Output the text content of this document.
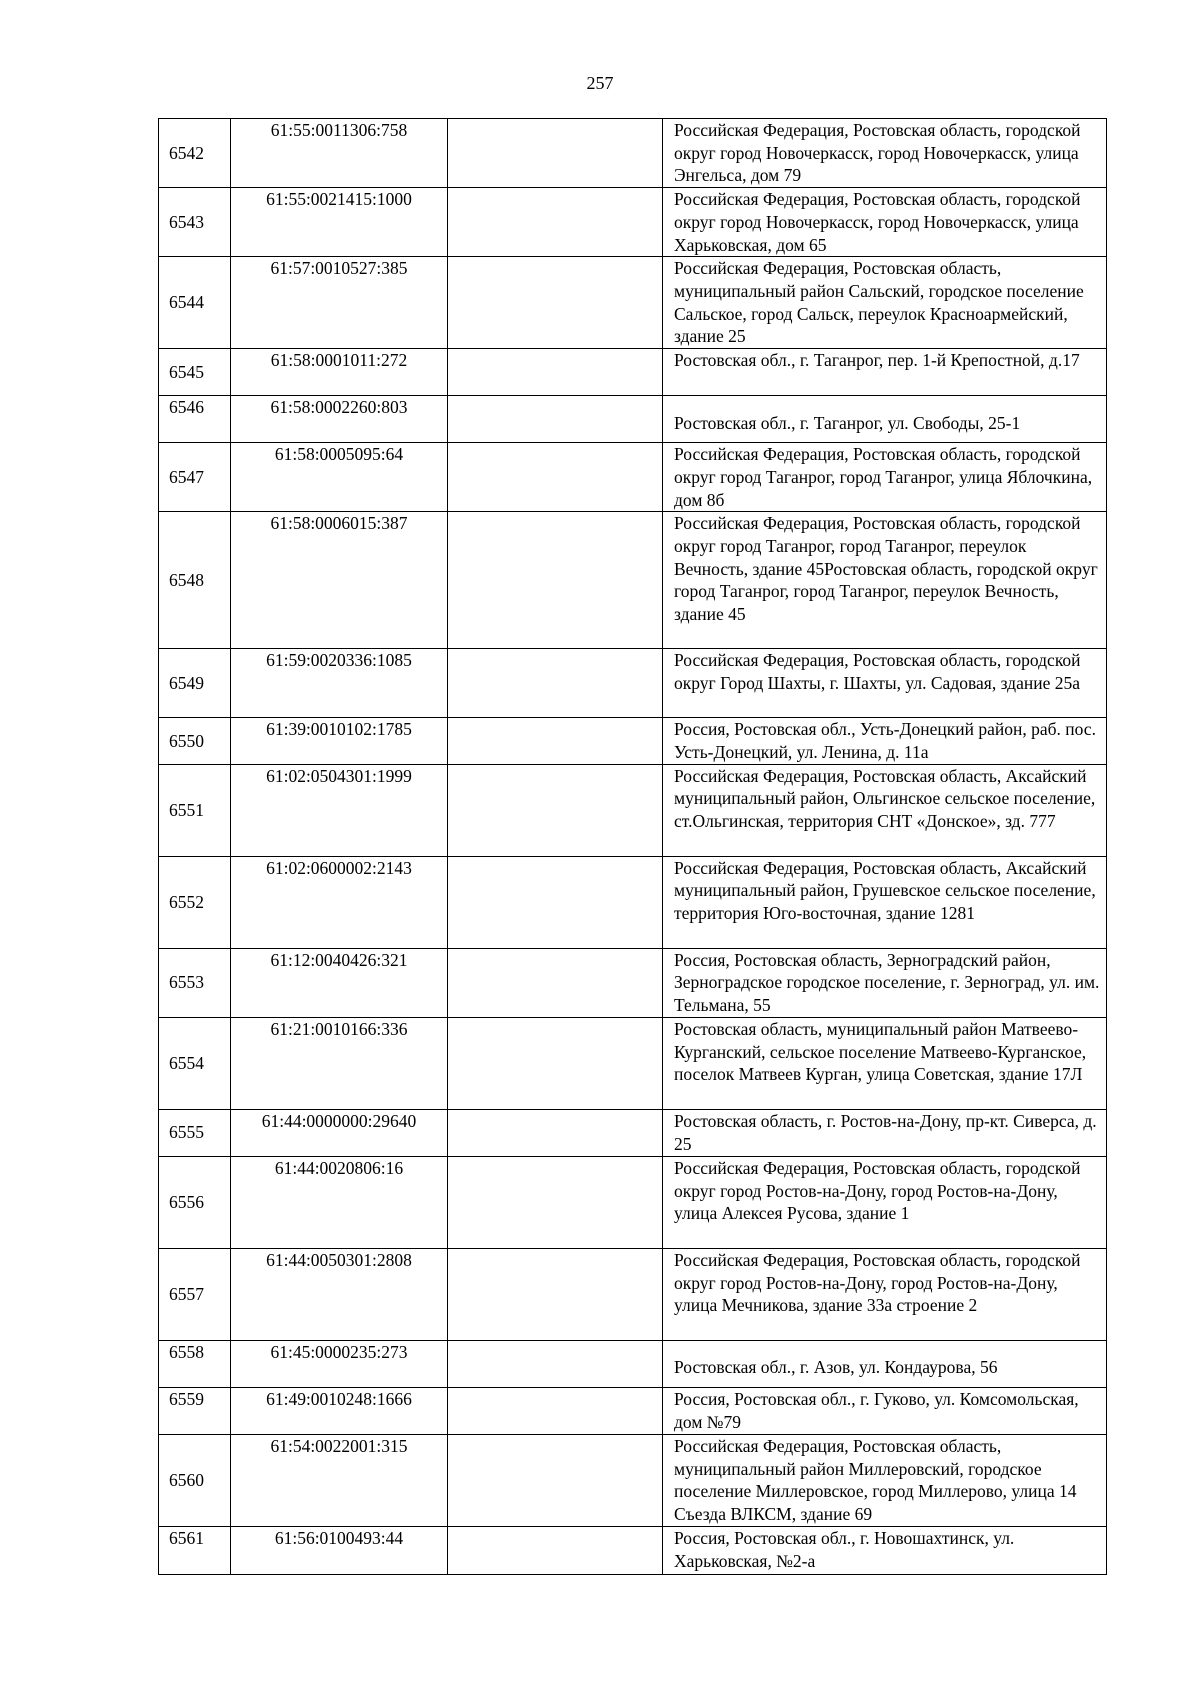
257
6542	61:55:0011306:758		Российская Федерация, Ростовская область, городской округ город Новочеркасск, город Новочеркасск, улица Энгельса, дом 79
6543	61:55:0021415:1000		Российская Федерация, Ростовская область, городской округ город Новочеркасск, город Новочеркасск, улица Харьковская, дом 65
6544	61:57:0010527:385		Российская Федерация, Ростовская область, муниципальный район Сальский, городское поселение Сальское, город Сальск, переулок Красноармейский, здание 25
6545	61:58:0001011:272		Ростовская обл., г. Таганрог, пер. 1-й Крепостной, д.17
6546	61:58:0002260:803		Ростовская обл., г. Таганрог, ул. Свободы, 25-1
6547	61:58:0005095:64		Российская Федерация, Ростовская область, городской округ город Таганрог, город Таганрог, улица Яблочкина, дом 8б
6548	61:58:0006015:387		Российская Федерация, Ростовская область, городской округ город Таганрог, город Таганрог, переулок Вечность, здание 45Ростовская область, городской округ город Таганрог, город Таганрог, переулок Вечность, здание 45
6549	61:59:0020336:1085		Российская Федерация, Ростовская область, городской округ Город Шахты, г. Шахты, ул. Садовая, здание 25а
6550	61:39:0010102:1785		Россия, Ростовская обл., Усть-Донецкий район, раб. пос. Усть-Донецкий, ул. Ленина, д. 11а
6551	61:02:0504301:1999		Российская Федерация, Ростовская область, Аксайский муниципальный район, Ольгинское сельское поселение, ст.Ольгинская, территория СНТ «Донское», зд. 777
6552	61:02:0600002:2143		Российская Федерация, Ростовская область, Аксайский муниципальный район, Грушевское сельское поселение, территория Юго-восточная, здание 1281
6553	61:12:0040426:321		Россия, Ростовская область, Зерноградский район, Зерноградское городское поселение, г. Зерноград, ул. им. Тельмана, 55
6554	61:21:0010166:336		Ростовская область, муниципальный район Матвеево-Курганский, сельское поселение Матвеево-Курганское, поселок Матвеев Курган, улица Советская, здание 17Л
6555	61:44:0000000:29640		Ростовская область, г. Ростов-на-Дону, пр-кт. Сиверса, д. 25
6556	61:44:0020806:16		Российская Федерация, Ростовская область, городской округ город Ростов-на-Дону, город Ростов-на-Дону, улица Алексея Русова, здание 1
6557	61:44:0050301:2808		Российская Федерация, Ростовская область, городской округ город Ростов-на-Дону, город Ростов-на-Дону, улица Мечникова, здание 33а строение 2
6558	61:45:0000235:273		Ростовская обл., г. Азов, ул. Кондаурова, 56
6559	61:49:0010248:1666		Россия, Ростовская обл., г. Гуково, ул. Комсомольская, дом №79
6560	61:54:0022001:315		Российская Федерация, Ростовская область, муниципальный район Миллеровский, городское поселение Миллеровское, город Миллерово, улица 14 Съезда ВЛКСМ, здание 69
6561	61:56:0100493:44		Россия, Ростовская обл., г. Новошахтинск, ул. Харьковская, №2-а
